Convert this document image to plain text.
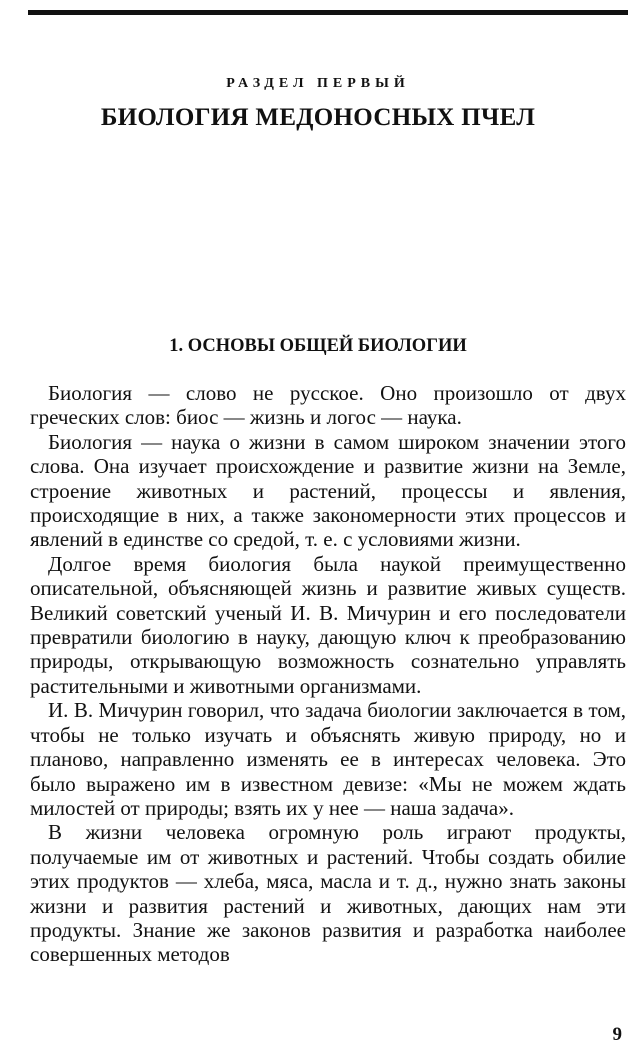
РАЗДЕЛ ПЕРВЫЙ
БИОЛОГИЯ МЕДОНОСНЫХ ПЧЕЛ
1. ОСНОВЫ ОБЩЕЙ БИОЛОГИИ

Биология — слово не русское. Оно произошло от двух греческих слов: биос — жизнь и логос — наука.

Биология — наука о жизни в самом широком значении этого слова. Она изучает происхождение и развитие жизни на Земле, строение животных и растений, процессы и явления, происходящие в них, а также закономерности этих процессов и явлений в единстве со средой, т. е. с условиями жизни.

Долгое время биология была наукой преимущественно описательной, объясняющей жизнь и развитие живых существ. Великий советский ученый И. В. Мичурин и его последователи превратили биологию в науку, дающую ключ к преобразованию природы, открывающую возможность сознательно управлять растительными и животными организмами.

И. В. Мичурин говорил, что задача биологии заключается в том, чтобы не только изучать и объяснять живую природу, но и планово, направленно изменять ее в интересах человека. Это было выражено им в известном девизе: «Мы не можем ждать милостей от природы; взять их у нее — наша задача».

В жизни человека огромную роль играют продукты, получаемые им от животных и растений. Чтобы создать обилие этих продуктов — хлеба, мяса, масла и т. д., нужно знать законы жизни и развития растений и животных, дающих нам эти продукты. Знание же законов развития и разработка наиболее совершенных методов

9
